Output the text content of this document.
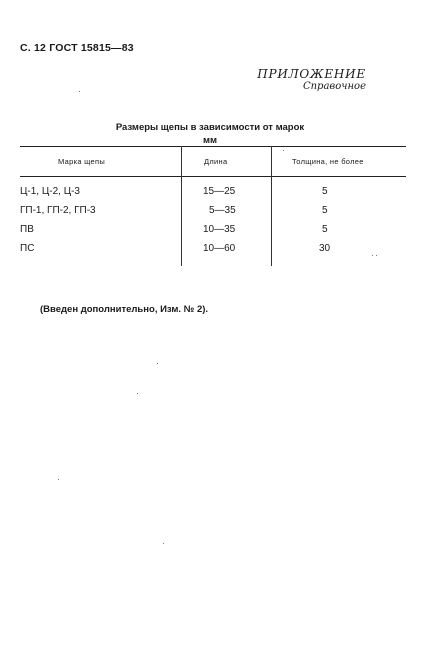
С. 12 ГОСТ 15815—83
ПРИЛОЖЕНИЕ
Справочное
Размеры щепы в зависимости от марок
мм
Марка щепы	Длина	Толщина, не более
Ц-1, Ц-2, Ц-3	15—25	5
ГП-1, ГП-2, ГП-3	5—35	5
ПВ	10—35	5
ПС	10—60	30
(Введен дополнительно, Изм. № 2).
